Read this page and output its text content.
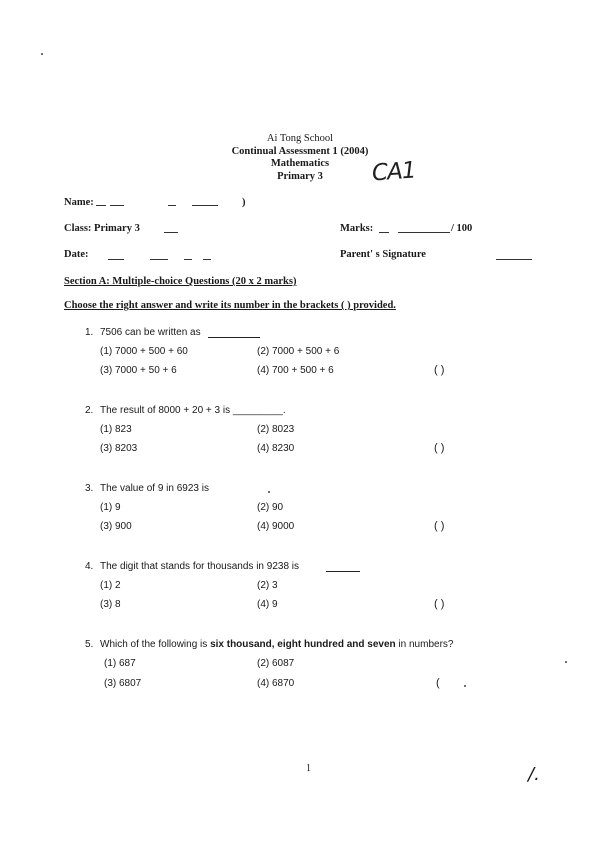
Ai Tong School
Continual Assessment 1 (2004)
Mathematics
Primary 3	CA1
Name:	)
Class: Primary 3	Marks:	/ 100
Date:	Parent' s Signature
Section A: Multiple-choice Questions (20 x 2 marks)
Choose the right answer and write its number in the brackets ( ) provided.
1. 7506 can be written as
(1) 7000 + 500 + 60	(2) 7000 + 500 + 6
(3) 7000 + 50 + 6	(4) 700 + 500 + 6	( )
2. The result of 8000 + 20 + 3 is _________.
(1) 823	(2) 8023
(3) 8203	(4) 8230	( )
3. The value of 9 in 6923 is
(1) 9	(2) 90
(3) 900	(4) 9000	( )
4. The digit that stands for thousands in 9238 is
(1) 2	(2) 3
(3) 8	(4) 9	( )
5. Which of the following is six thousand, eight hundred and seven in numbers?
(1) 687	(2) 6087
(3) 6807	(4) 6870	(
1	/.
